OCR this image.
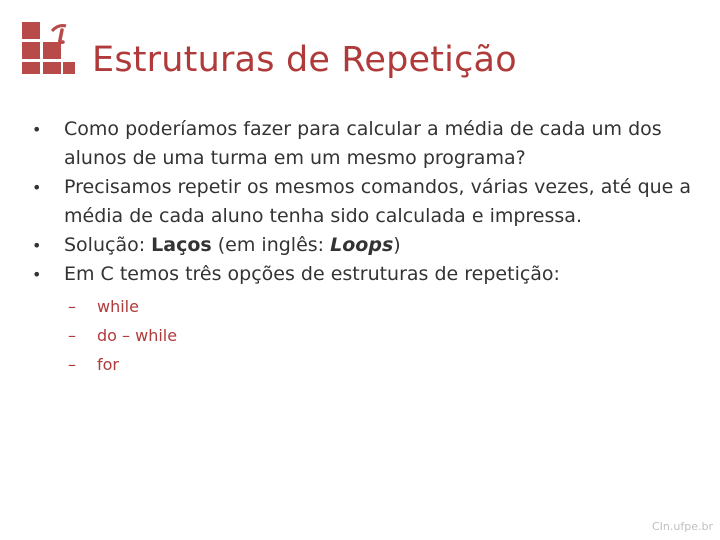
Estruturas de Repetição
• Como poderíamos fazer para calcular a média de cada um dos alunos de uma turma em um mesmo programa?
• Precisamos repetir os mesmos comandos, várias vezes, até que a média de cada aluno tenha sido calculada e impressa.
• Solução: Laços (em inglês: Loops)
• Em C temos três opções de estruturas de repetição:
– while
– do – while
– for
CIn.ufpe.br
